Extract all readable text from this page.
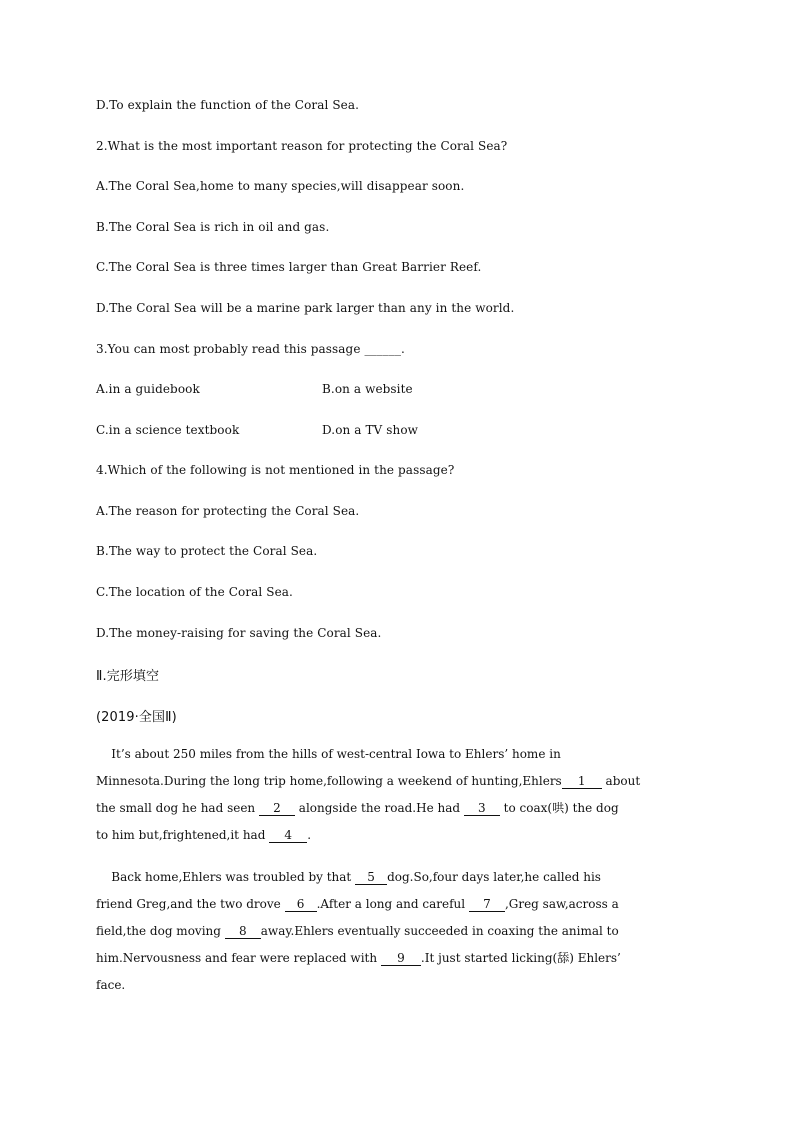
D.To explain the function of the Coral Sea.
2.What is the most important reason for protecting the Coral Sea?
A.The Coral Sea,home to many species,will disappear soon.
B.The Coral Sea is rich in oil and gas.
C.The Coral Sea is three times larger than Great Barrier Reef.
D.The Coral Sea will be a marine park larger than any in the world.
3.You can most probably read this passage ______.
A.in a guidebook	B.on a website
C.in a science textbook	D.on a TV show
4.Which of the following is not mentioned in the passage?
A.The reason for protecting the Coral Sea.
B.The way to protect the Coral Sea.
C.The location of the Coral Sea.
D.The money-raising for saving the Coral Sea.
Ⅱ.完形填空
(2019·全国Ⅱ)
It’s about 250 miles from the hills of west-central Iowa to Ehlers’ home in
Minnesota.During the long trip home,following a weekend of hunting,Ehlers 1 about
the small dog he had seen 2 alongside the road.He had 3 to coax(哄) the dog
to him but,frightened,it had 4 .
Back home,Ehlers was troubled by that 5 dog.So,four days later,he called his
friend Greg,and the two drove 6 .After a long and careful 7 ,Greg saw,across a
field,the dog moving 8 away.Ehlers eventually succeeded in coaxing the animal to
him.Nervousness and fear were replaced with 9 .It just started licking(舔) Ehlers’
face.
